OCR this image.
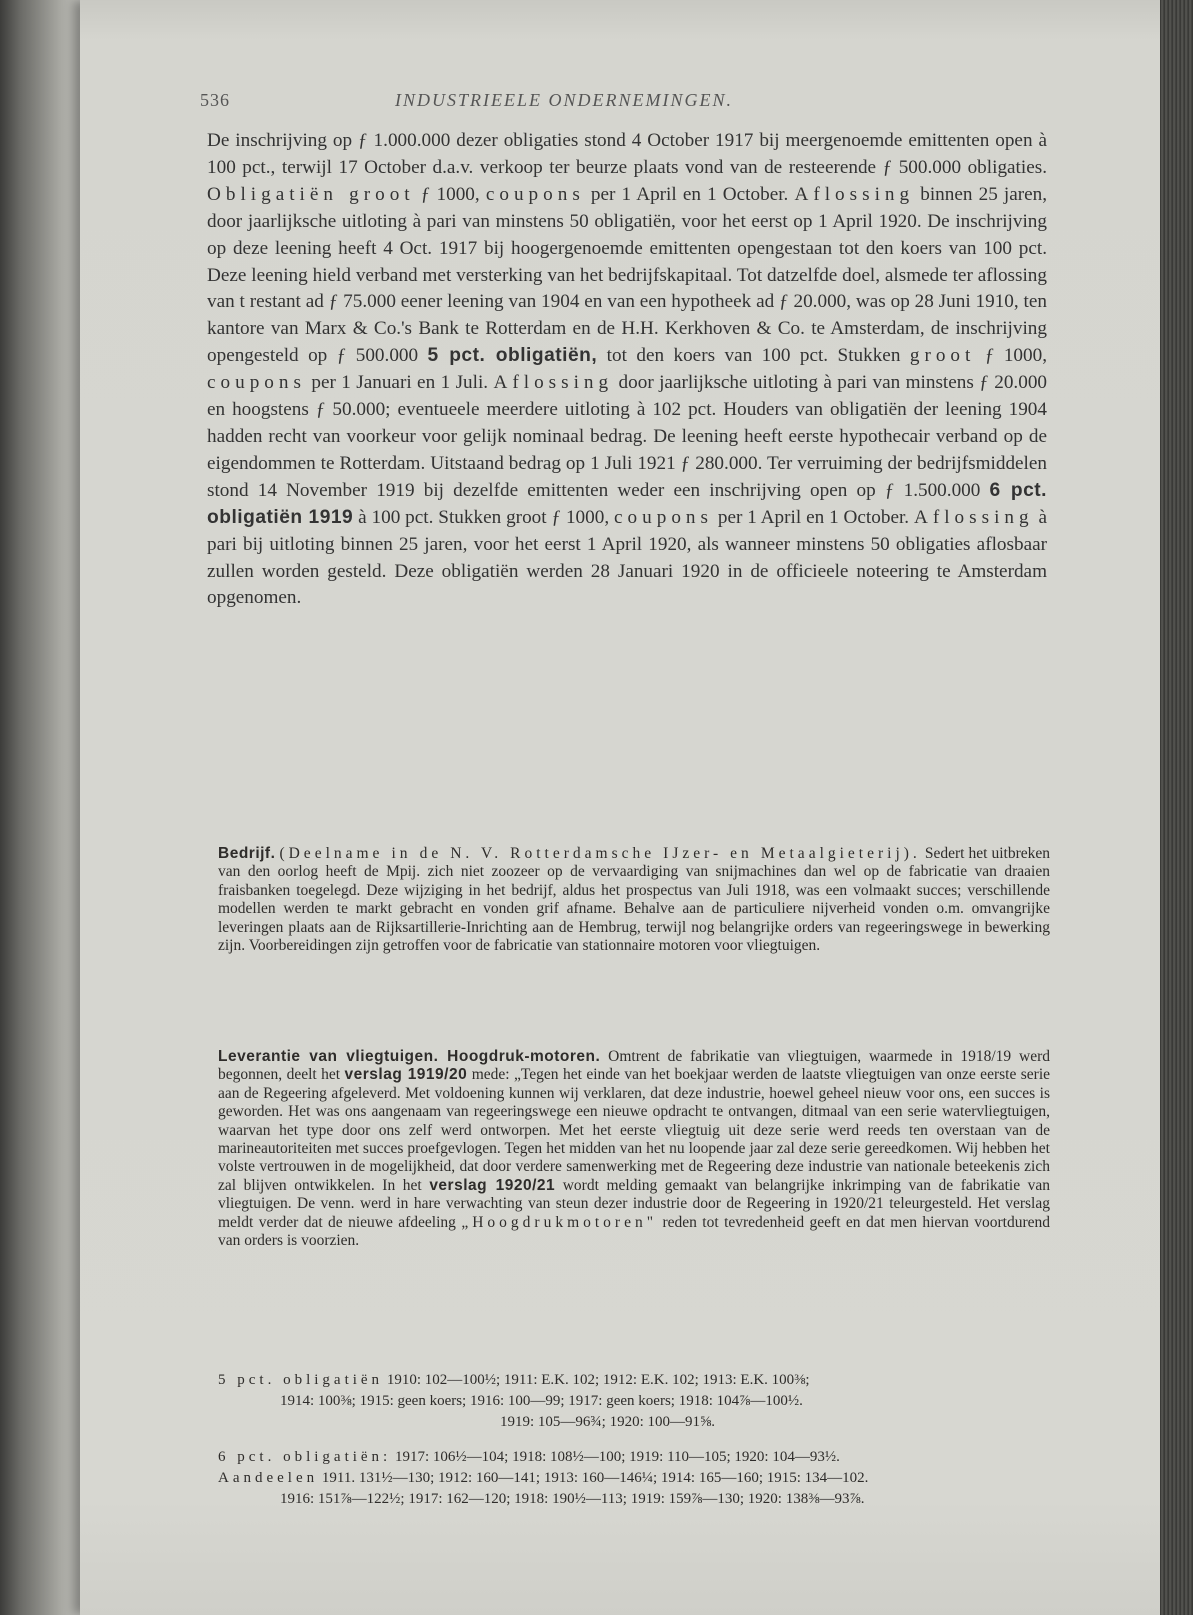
536	INDUSTRIEELE ONDERNEMINGEN.

De inschrijving op ƒ 1.000.000 dezer obligaties stond 4 October 1917 bij meergenoemde emittenten open à 100 pct., terwijl 17 October d.a.v. verkoop ter beurze plaats vond van de resteerende ƒ 500.000 obligaties. Obligatiën groot ƒ 1000, coupons per 1 April en 1 October. Aflossing binnen 25 jaren, door jaarlijksche uitloting à pari van minstens 50 obligatiën, voor het eerst op 1 April 1920. De inschrijving op deze leening heeft 4 Oct. 1917 bij hoogergenoemde emittenten opengestaan tot den koers van 100 pct. Deze leening hield verband met versterking van het bedrijfskapitaal. Tot datzelfde doel, alsmede ter aflossing van t restant ad ƒ 75.000 eener leening van 1904 en van een hypotheek ad ƒ 20.000, was op 28 Juni 1910, ten kantore van Marx & Co.'s Bank te Rotterdam en de H.H. Kerkhoven & Co. te Amsterdam, de inschrijving opengesteld op ƒ 500.000 5 pct. obligatiën, tot den koers van 100 pct. Stukken groot ƒ 1000, coupons per 1 Januari en 1 Juli. Aflossing door jaarlijksche uitloting à pari van minstens ƒ 20.000 en hoogstens ƒ 50.000; eventueele meerdere uitloting à 102 pct. Houders van obligatiën der leening 1904 hadden recht van voorkeur voor gelijk nominaal bedrag. De leening heeft eerste hypothecair verband op de eigendommen te Rotterdam. Uitstaand bedrag op 1 Juli 1921 ƒ 280.000. Ter verruiming der bedrijfsmiddelen stond 14 November 1919 bij dezelfde emittenten weder een inschrijving open op ƒ 1.500.000 6 pct. obligatiën 1919 à 100 pct. Stukken groot ƒ 1000, coupons per 1 April en 1 October. Aflossing à pari bij uitloting binnen 25 jaren, voor het eerst 1 April 1920, als wanneer minstens 50 obligaties aflosbaar zullen worden gesteld. Deze obligatiën werden 28 Januari 1920 in de officieele noteering te Amsterdam opgenomen.

Bedrijf. (Deelname in de N. V. Rotterdamsche IJzer- en Metaalgieterij). Sedert het uitbreken van den oorlog heeft de Mpij. zich niet zoozeer op de vervaardiging van snijmachines dan wel op de fabricatie van draaien fraisbanken toegelegd. Deze wijziging in het bedrijf, aldus het prospectus van Juli 1918, was een volmaakt succes; verschillende modellen werden te markt gebracht en vonden grif afname. Behalve aan de particuliere nijverheid vonden o.m. omvangrijke leveringen plaats aan de Rijksartillerie-Inrichting aan de Hembrug, terwijl nog belangrijke orders van regeeringswege in bewerking zijn. Voorbereidingen zijn getroffen voor de fabricatie van stationnaire motoren voor vliegtuigen.

Leverantie van vliegtuigen. Hoogdruk-motoren. Omtrent de fabrikatie van vliegtuigen, waarmede in 1918/19 werd begonnen, deelt het verslag 1919/20 mede: „Tegen het einde van het boekjaar werden de laatste vliegtuigen van onze eerste serie aan de Regeering afgeleverd. Met voldoening kunnen wij verklaren, dat deze industrie, hoewel geheel nieuw voor ons, een succes is geworden. Het was ons aangenaam van regeeringswege een nieuwe opdracht te ontvangen, ditmaal van een serie watervliegtuigen, waarvan het type door ons zelf werd ontworpen. Met het eerste vliegtuig uit deze serie werd reeds ten overstaan van de marineautoriteiten met succes proefgevlogen. Tegen het midden van het nu loopende jaar zal deze serie gereedkomen. Wij hebben het volste vertrouwen in de mogelijkheid, dat door verdere samenwerking met de Regeering deze industrie van nationale beteekenis zich zal blijven ontwikkelen. In het verslag 1920/21 wordt melding gemaakt van belangrijke inkrimping van de fabrikatie van vliegtuigen. De venn. werd in hare verwachting van steun dezer industrie door de Regeering in 1920/21 teleurgesteld. Het verslag meldt verder dat de nieuwe afdeeling „Hoogdrukmotoren" reden tot tevredenheid geeft en dat men hiervan voortdurend van orders is voorzien.

5 pct. obligatiën 1910: 102—100½; 1911: E.K. 102; 1912: E.K. 102; 1913: E.K. 100⅜;
1914: 100⅜; 1915: geen koers; 1916: 100—99; 1917: geen koers; 1918: 104⅞—100½.
1919: 105—96¾; 1920: 100—91⅝.
6 pct. obligatiën: 1917: 106½—104; 1918: 108½—100; 1919: 110—105; 1920: 104—93½.
Aandeelen 1911. 131½—130; 1912: 160—141; 1913: 160—146¼; 1914: 165—160; 1915: 134—102.
1916: 151⅞—122½; 1917: 162—120; 1918: 190½—113; 1919: 159⅞—130; 1920: 138⅜—93⅞.
